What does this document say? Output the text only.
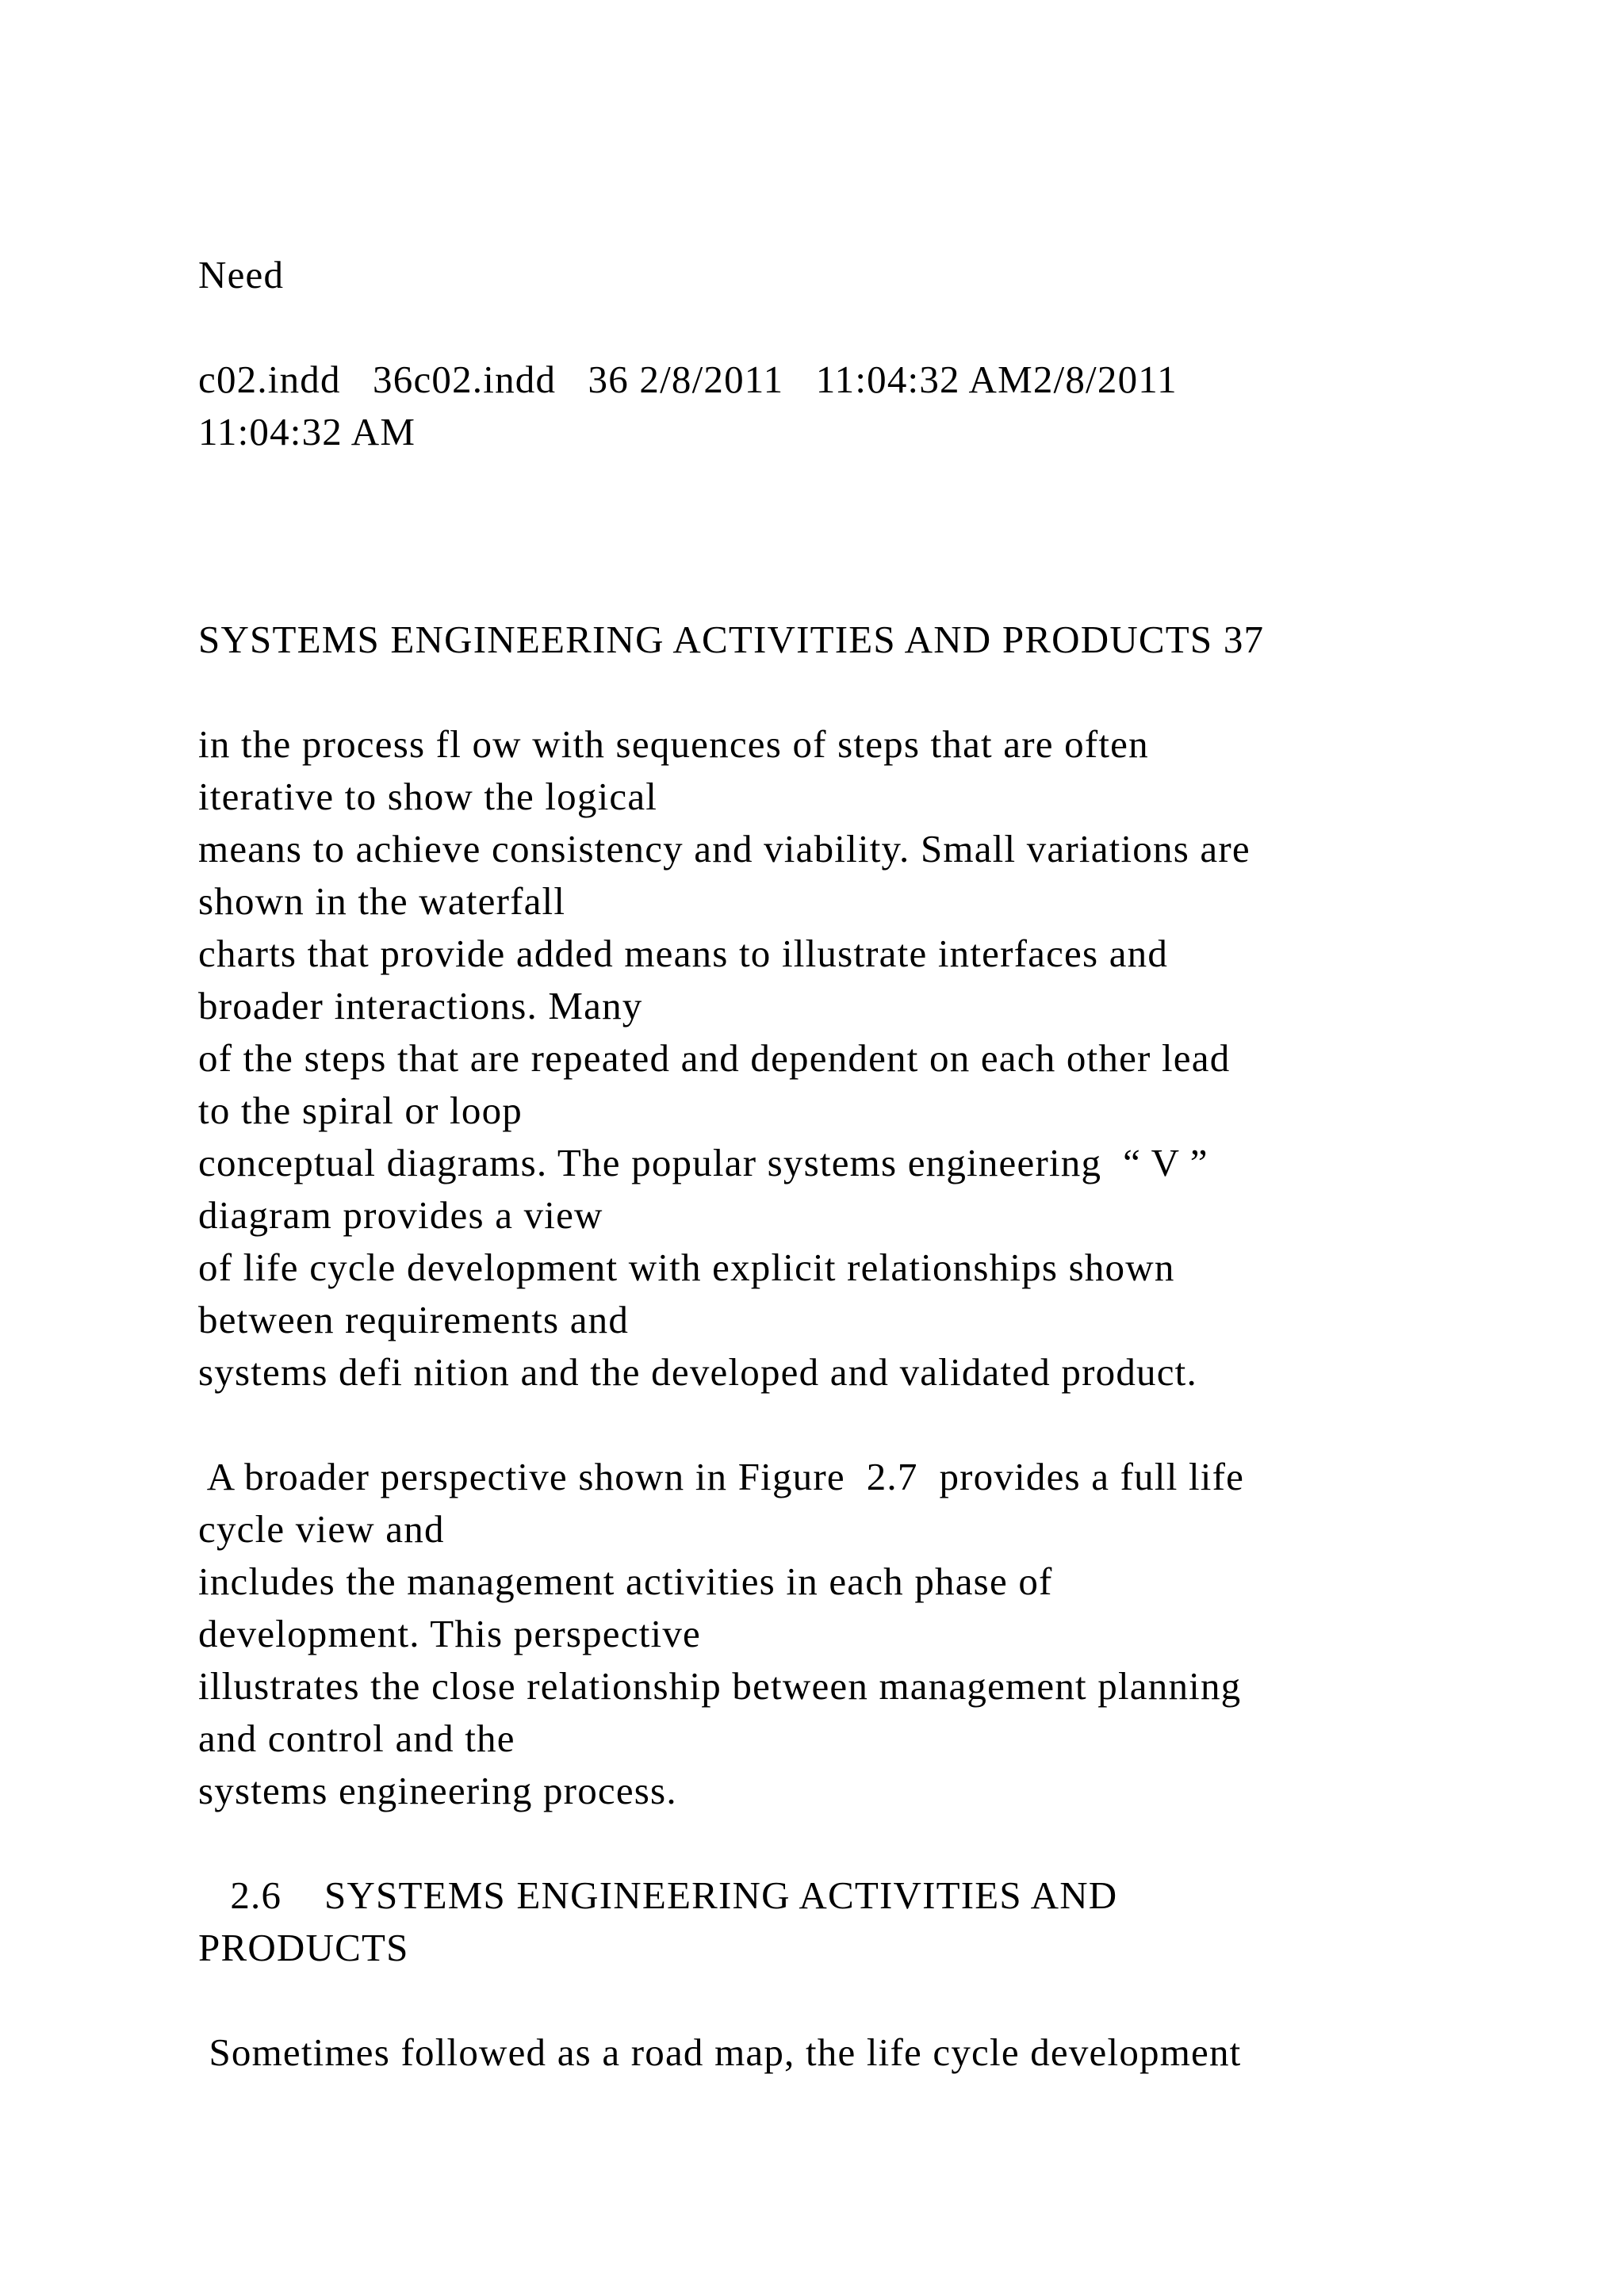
Need

c02.indd   36c02.indd   36 2/8/2011   11:04:32 AM2/8/2011

11:04:32 AM

SYSTEMS ENGINEERING ACTIVITIES AND PRODUCTS 37

in the process fl ow with sequences of steps that are often

iterative to show the logical

means to achieve consistency and viability. Small variations are

shown in the waterfall

charts that provide added means to illustrate interfaces and

broader interactions. Many

of the steps that are repeated and dependent on each other lead

to the spiral or loop

conceptual diagrams. The popular systems engineering  “ V ”

diagram provides a view

of life cycle development with explicit relationships shown

between requirements and

systems defi nition and the developed and validated product.

A broader perspective shown in Figure  2.7  provides a full life

cycle view and

includes the management activities in each phase of

development. This perspective

illustrates the close relationship between management planning

and control and the

systems engineering process.

2.6    SYSTEMS ENGINEERING ACTIVITIES AND

PRODUCTS

Sometimes followed as a road map, the life cycle development
